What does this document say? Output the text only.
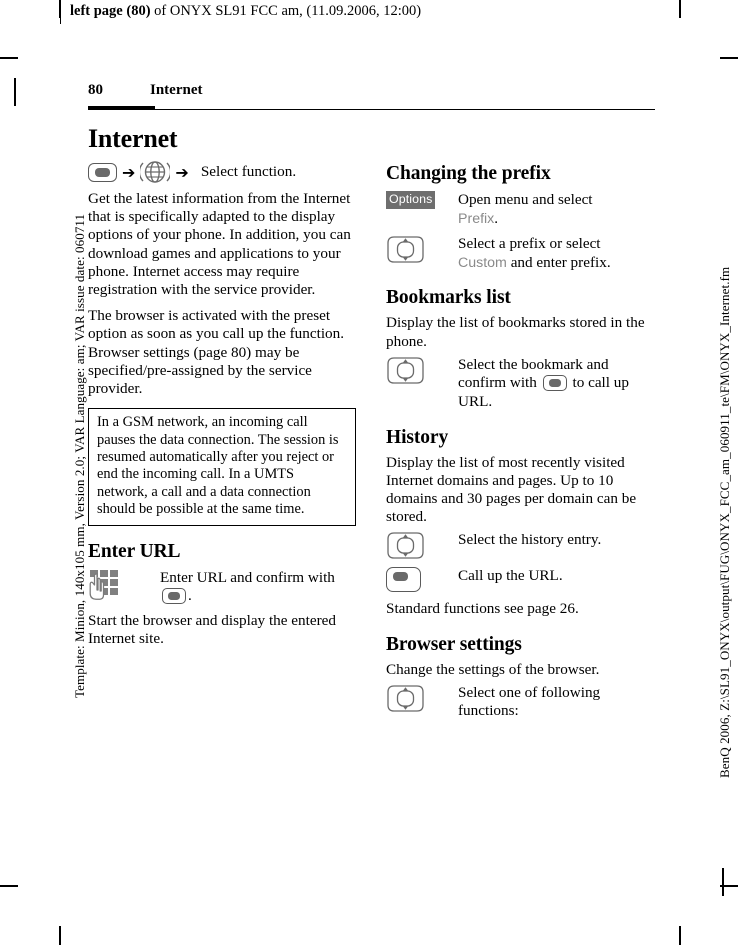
left page (80) of ONYX SL91 FCC am, (11.09.2006, 12:00)
Template: Minion, 140x105 mm, Version 2.0; VAR Language: am; VAR issue date: 060711	BenQ 2006, Z:\SL91_ONYX\output\FUG\ONYX_FCC_am_060911_te\FM\ONYX_Internet.fm
80	Internet
Internet
➔	➔ Select function.

Get the latest information from the Internet that is specifically adapted to the display options of your phone. In addition, you can download games and applications to your phone. Internet access may require registration with the service provider.

The browser is activated with the preset option as soon as you call up the function. Browser settings (page 80) may be specified/pre-assigned by the service provider.

In a GSM network, an incoming call pauses the data connection. The session is resumed automatically after you reject or end the incoming call. In a UMTS network, a call and a data connection should be possible at the same time.
Enter URL
Enter URL and confirm with .

Start the browser and display the entered Internet site.

Changing the prefix
Options Open menu and select
Prefix.
Select a prefix or select
Custom and enter prefix.
Bookmarks list

Display the list of bookmarks stored in the phone.

Select the bookmark and confirm with to call up URL.
History

Display the list of most recently visited Internet domains and pages. Up to 10 domains and 30 pages per domain can be stored.

Select the history entry.
Call up the URL.

Standard functions see page 26.

Browser settings

Change the settings of the browser.

Select one of following functions:
